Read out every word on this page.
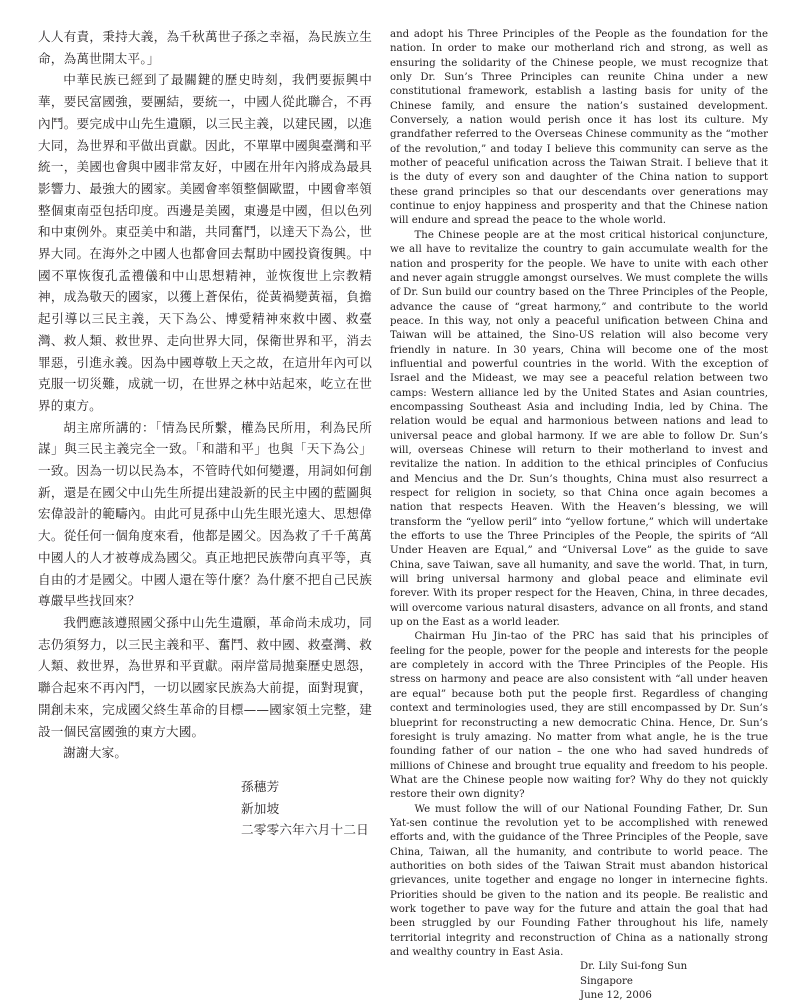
人人有責，秉持大義，為千秋萬世子孫之幸福，為民族立生命，為萬世開太平。」

中華民族已經到了最關鍵的歷史時刻，我們要振興中華，要民富國強，要團結，要統一，中國人從此聯合，不再內鬥。要完成中山先生遺願，以三民主義，以建民國，以進大同，為世界和平做出貢獻。因此，不單單中國與臺灣和平統一，美國也會與中國非常友好，中國在卅年內將成為最具影響力、最強大的國家。美國會率領整個歐盟，中國會率領整個東南亞包括印度。西邊是美國，東邊是中國，但以色列和中東例外。東亞美中和諧，共同奮鬥，以達天下為公，世界大同。在海外之中國人也都會回去幫助中國投資復興。中國不單恢復孔孟禮儀和中山思想精神，並恢復世上宗教精神，成為敬天的國家，以獲上蒼保佑，從黃禍變黃福，負擔起引導以三民主義，天下為公、博愛精神來救中國、救臺灣、救人類、救世界、走向世界大同，保衛世界和平，消去罪惡，引進永義。因為中國尊敬上天之故，在這卅年內可以克服一切災難，成就一切，在世界之林中站起來，屹立在世界的東方。

胡主席所講的：「情為民所繫，權為民所用，利為民所謀」與三民主義完全一致。「和諧和平」也與「天下為公」一致。因為一切以民為本，不管時代如何變遷，用詞如何創新，還是在國父中山先生所提出建設新的民主中國的藍圖與宏偉設計的範疇內。由此可見孫中山先生眼光遠大、思想偉大。從任何一個角度來看，他都是國父。因為救了千千萬萬中國人的人才被尊成為國父。真正地把民族帶向真平等，真自由的才是國父。中國人還在等什麼？為什麼不把自己民族尊嚴早些找回來？

我們應該遵照國父孫中山先生遺願，革命尚未成功，同志仍須努力，以三民主義和平、奮鬥、救中國、救臺灣、救人類、救世界，為世界和平貢獻。兩岸當局拋棄歷史恩怨，聯合起來不再內鬥，一切以國家民族為大前提，面對現實，開創未來，完成國父終生革命的目標——國家領土完整，建設一個民富國強的東方大國。

謝謝大家。

孫穗芳
新加坡
二零零六年六月十二日

and adopt his Three Principles of the People as the foundation for the nation. In order to make our motherland rich and strong, as well as ensuring the solidarity of the Chinese people, we must recognize that only Dr. Sun’s Three Principles can reunite China under a new constitutional framework, establish a lasting basis for unity of the Chinese family, and ensure the nation’s sustained development. Conversely, a nation would perish once it has lost its culture. My grandfather referred to the Overseas Chinese community as the “mother of the revolution,” and today I believe this community can serve as the mother of peaceful unification across the Taiwan Strait. I believe that it is the duty of every son and daughter of the China nation to support these grand principles so that our descendants over generations may continue to enjoy happiness and prosperity and that the Chinese nation will endure and spread the peace to the whole world.

The Chinese people are at the most critical historical conjuncture, we all have to revitalize the country to gain accumulate wealth for the nation and prosperity for the people. We have to unite with each other and never again struggle amongst ourselves. We must complete the wills of Dr. Sun build our country based on the Three Principles of the People, advance the cause of “great harmony,” and contribute to the world peace. In this way, not only a peaceful unification between China and Taiwan will be attained, the Sino-US relation will also become very friendly in nature. In 30 years, China will become one of the most influential and powerful countries in the world. With the exception of Israel and the Mideast, we may see a peaceful relation between two camps: Western alliance led by the United States and Asian countries, encompassing Southeast Asia and including India, led by China. The relation would be equal and harmonious between nations and lead to universal peace and global harmony. If we are able to follow Dr. Sun’s will, overseas Chinese will return to their motherland to invest and revitalize the nation. In addition to the ethical principles of Confucius and Mencius and the Dr. Sun’s thoughts, China must also resurrect a respect for religion in society, so that China once again becomes a nation that respects Heaven. With the Heaven’s blessing, we will transform the “yellow peril” into “yellow fortune,” which will undertake the efforts to use the Three Principles of the People, the spirits of “All Under Heaven are Equal,” and “Universal Love” as the guide to save China, save Taiwan, save all humanity, and save the world. That, in turn, will bring universal harmony and global peace and eliminate evil forever. With its proper respect for the Heaven, China, in three decades, will overcome various natural disasters, advance on all fronts, and stand up on the East as a world leader.

Chairman Hu Jin-tao of the PRC has said that his principles of feeling for the people, power for the people and interests for the people are completely in accord with the Three Principles of the People. His stress on harmony and peace are also consistent with “all under heaven are equal” because both put the people first. Regardless of changing context and terminologies used, they are still encompassed by Dr. Sun’s blueprint for reconstructing a new democratic China. Hence, Dr. Sun’s foresight is truly amazing. No matter from what angle, he is the true founding father of our nation – the one who had saved hundreds of millions of Chinese and brought true equality and freedom to his people. What are the Chinese people now waiting for? Why do they not quickly restore their own dignity?

We must follow the will of our National Founding Father, Dr. Sun Yat-sen continue the revolution yet to be accomplished with renewed efforts and, with the guidance of the Three Principles of the People, save China, Taiwan, all the humanity, and contribute to world peace. The authorities on both sides of the Taiwan Strait must abandon historical grievances, unite together and engage no longer in internecine fights. Priorities should be given to the nation and its people. Be realistic and work together to pave way for the future and attain the goal that had been struggled by our Founding Father throughout his life, namely territorial integrity and reconstruction of China as a nationally strong and wealthy country in East Asia.

Dr. Lily Sui-fong Sun
Singapore
June 12, 2006
